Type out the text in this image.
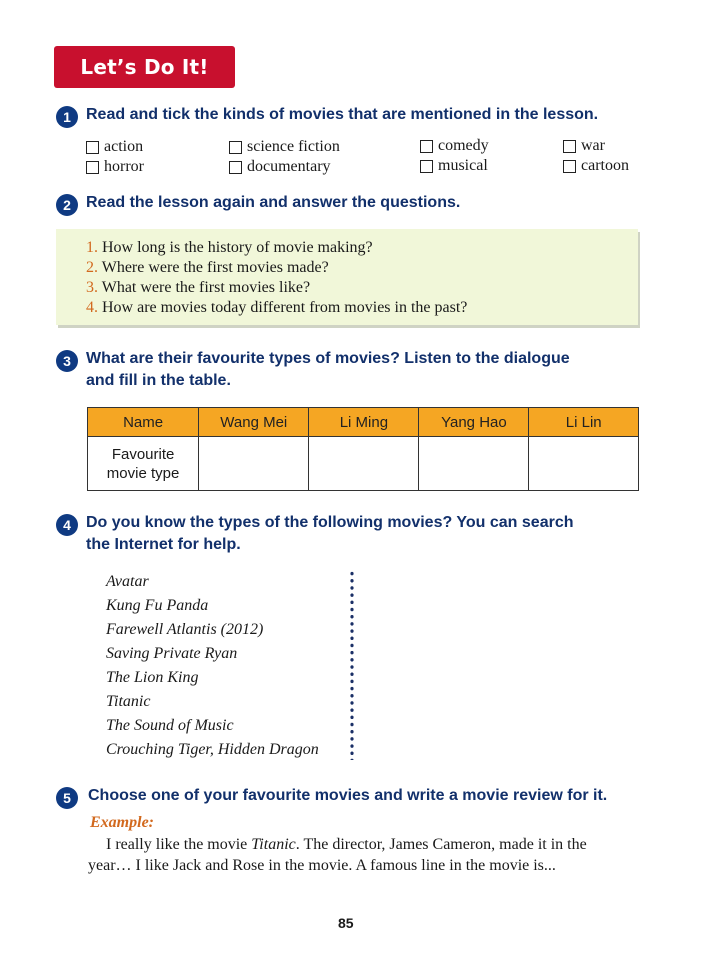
Let’s Do It!
1 Read and tick the kinds of movies that are mentioned in the lesson.
action
horror
science fiction
documentary
comedy
musical
war
cartoon
2 Read the lesson again and answer the questions.
1. How long is the history of movie making?
2. Where were the first movies made?
3. What were the first movies like?
4. How are movies today different from movies in the past?
3 What are their favourite types of movies? Listen to the dialogue
and fill in the table.
Name	Wang Mei	Li Ming	Yang Hao	Li Lin
Favourite
movie type				
4 Do you know the types of the following movies? You can search
the Internet for help.
Avatar
Kung Fu Panda
Farewell Atlantis (2012)
Saving Private Ryan
The Lion King
Titanic
The Sound of Music
Crouching Tiger, Hidden Dragon
5	Choose one of your favourite movies and write a movie review for it.
Example:
I really like the movie Titanic. The director, James Cameron, made it in the
year… I like Jack and Rose in the movie. A famous line in the movie is...
85
